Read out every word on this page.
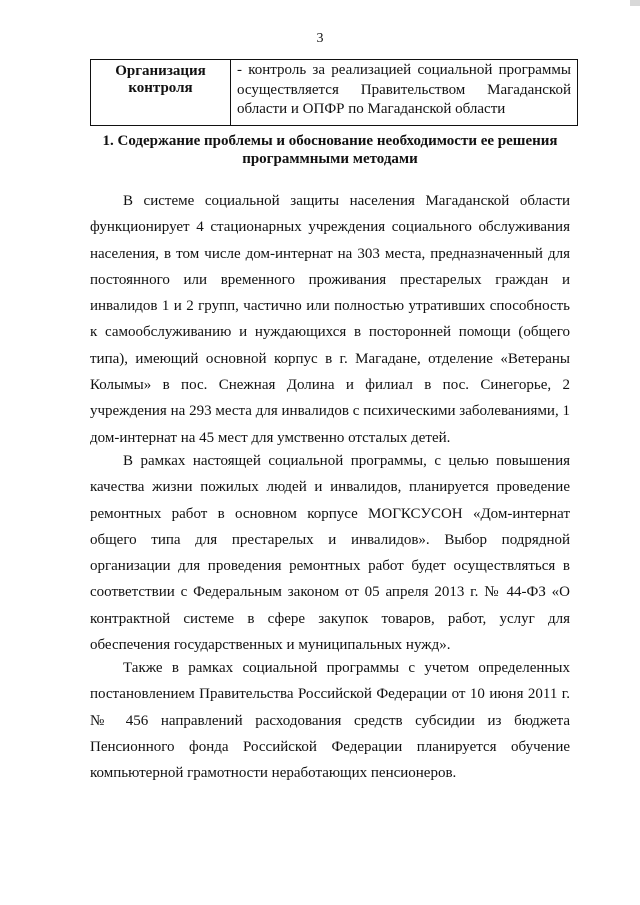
3
Организация контроля	- контроль за реализацией социальной программы осуществляется Правительством Магаданской области и ОПФР по Магаданской области
1. Содержание проблемы и обоснование необходимости ее решения программными методами

В системе социальной защиты населения Магаданской области функционирует 4 стационарных учреждения социального обслуживания населения, в том числе дом-интернат на 303 места, предназначенный для постоянного или временного проживания престарелых граждан и инвалидов 1 и 2 групп, частично или полностью утративших способность к самообслуживанию и нуждающихся в посторонней помощи (общего типа), имеющий основной корпус в г. Магадане, отделение «Ветераны Колымы» в пос. Снежная Долина и филиал в пос. Синегорье, 2 учреждения на 293 места для инвалидов с психическими заболеваниями, 1 дом-интернат на 45 мест для умственно отсталых детей.

В рамках настоящей социальной программы, с целью повышения качества жизни пожилых людей и инвалидов, планируется проведение ремонтных работ в основном корпусе МОГКСУСОН «Дом-интернат общего типа для престарелых и инвалидов». Выбор подрядной организации для проведения ремонтных работ будет осуществляться в соответствии с Федеральным законом от 05 апреля 2013 г. № 44-ФЗ «О контрактной системе в сфере закупок товаров, работ, услуг для обеспечения государственных и муниципальных нужд».

Также в рамках социальной программы с учетом определенных постановлением Правительства Российской Федерации от 10 июня 2011 г. № 456 направлений расходования средств субсидии из бюджета Пенсионного фонда Российской Федерации планируется обучение компьютерной грамотности неработающих пенсионеров.
